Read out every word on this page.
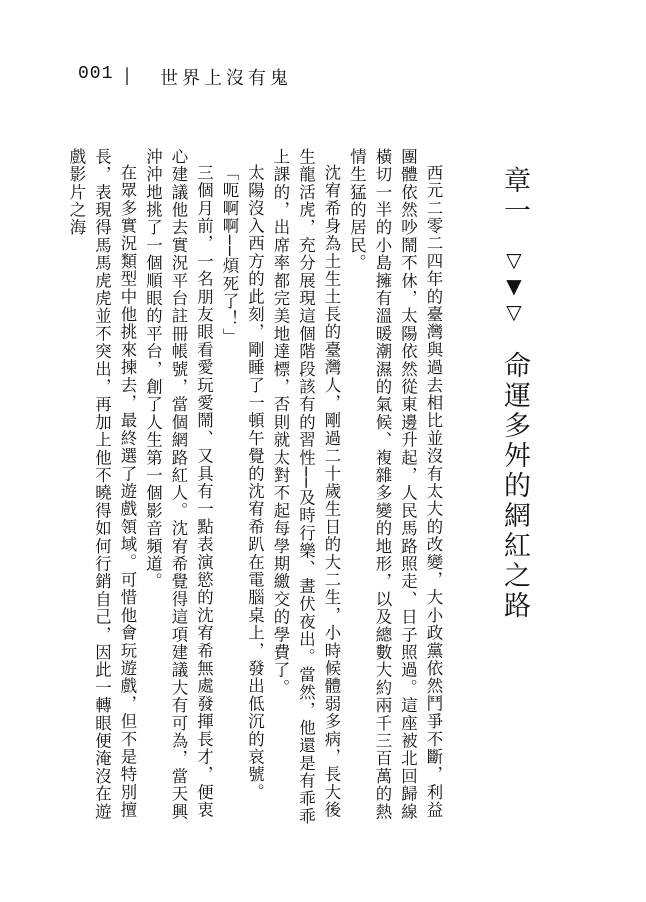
001 | 世界上沒有鬼
章一 ▽▼▽ 命運多舛的網紅之路

西元二零二四年的臺灣與過去相比並沒有太大的改變，大小政黨依然鬥爭不斷，利益團體依然吵鬧不休，太陽依然從東邊升起，人民馬路照走、日子照過。這座被北回歸線橫切一半的小島擁有溫暖潮濕的氣候、複雜多變的地形，以及總數大約兩千三百萬的熱情生猛的居民。

沈宥希身為土生土長的臺灣人，剛過二十歲生日的大二生，小時候體弱多病，長大後生龍活虎，充分展現這個階段該有的習性──及時行樂、晝伏夜出。當然，他還是有乖乖上課的，出席率都完美地達標，否則就太對不起每學期繳交的學費了。

太陽沒入西方的此刻，剛睡了一頓午覺的沈宥希趴在電腦桌上，發出低沉的哀號。

「呃啊啊──煩死了！」

三個月前，一名朋友眼看愛玩愛鬧、又具有一點表演慾的沈宥希無處發揮長才，便衷心建議他去實況平台註冊帳號，當個網路紅人。沈宥希覺得這項建議大有可為，當天興沖沖地挑了一個順眼的平台，創了人生第一個影音頻道。

在眾多實況類型中他挑來揀去，最終選了遊戲領域。可惜他會玩遊戲，但不是特別擅長，表現得馬馬虎虎並不突出，再加上他不曉得如何行銷自己，因此一轉眼便淹沒在遊戲影片之海
